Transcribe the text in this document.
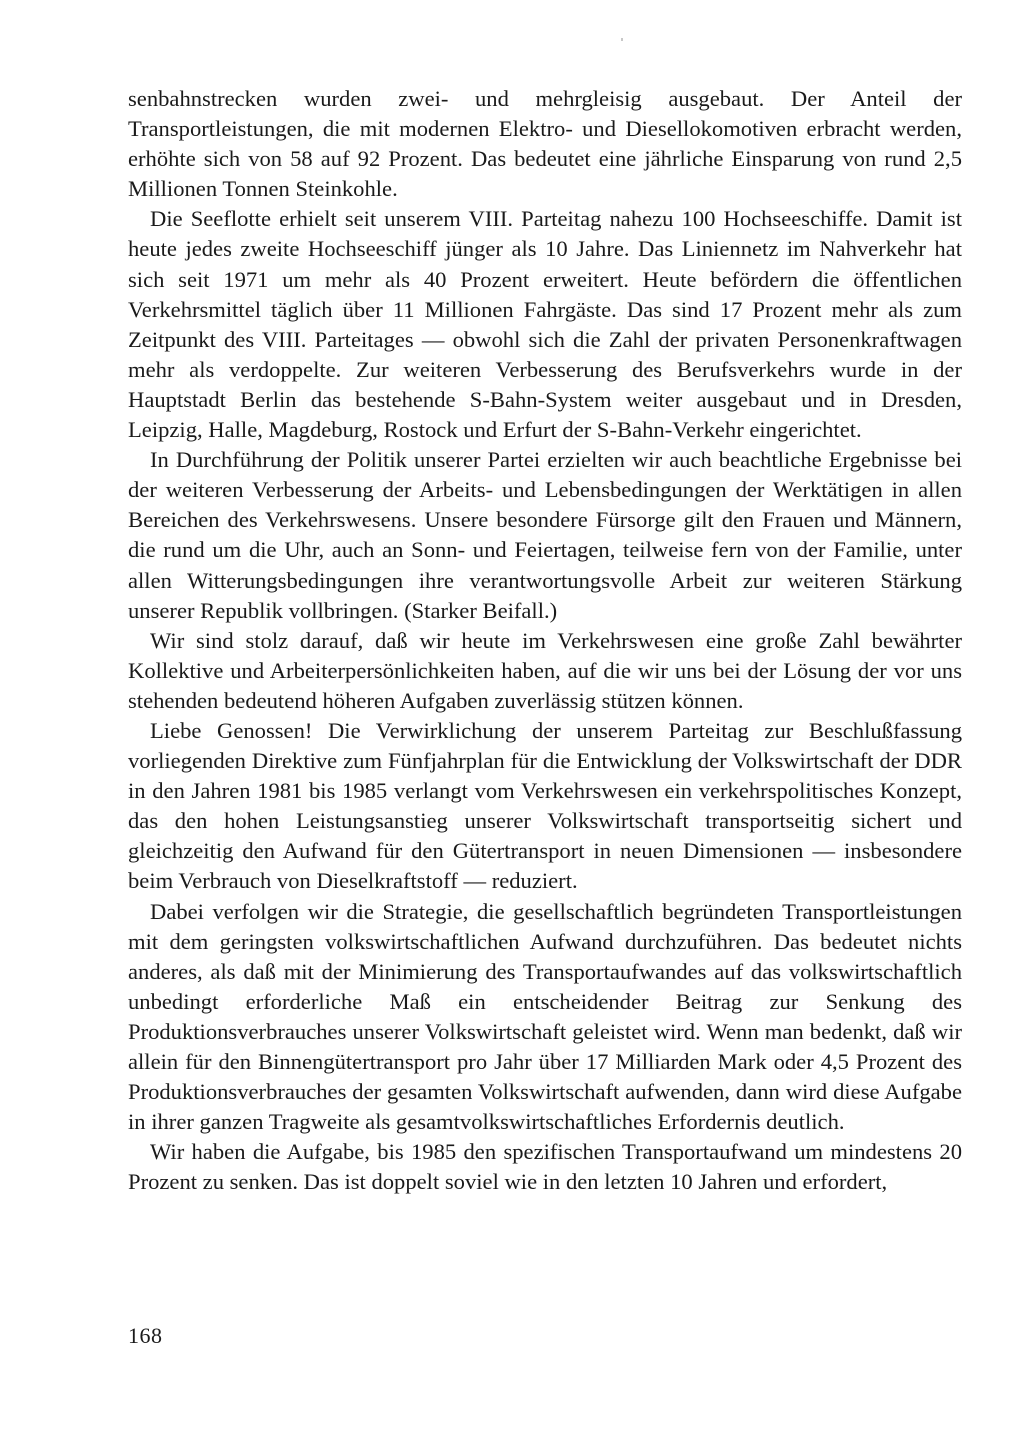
senbahnstrecken wurden zwei- und mehrgleisig ausgebaut. Der Anteil der Transportleistungen, die mit modernen Elektro- und Diesellokomotiven erbracht werden, erhöhte sich von 58 auf 92 Prozent. Das bedeutet eine jährliche Einsparung von rund 2,5 Millionen Tonnen Steinkohle.

Die Seeflotte erhielt seit unserem VIII. Parteitag nahezu 100 Hochseeschiffe. Damit ist heute jedes zweite Hochseeschiff jünger als 10 Jahre. Das Liniennetz im Nahverkehr hat sich seit 1971 um mehr als 40 Prozent erweitert. Heute befördern die öffentlichen Verkehrsmittel täglich über 11 Millionen Fahrgäste. Das sind 17 Prozent mehr als zum Zeitpunkt des VIII. Parteitages — obwohl sich die Zahl der privaten Personenkraftwagen mehr als verdoppelte. Zur weiteren Verbesserung des Berufsverkehrs wurde in der Hauptstadt Berlin das bestehende S-Bahn-System weiter ausgebaut und in Dresden, Leipzig, Halle, Magdeburg, Rostock und Erfurt der S-Bahn-Verkehr eingerichtet.

In Durchführung der Politik unserer Partei erzielten wir auch beachtliche Ergebnisse bei der weiteren Verbesserung der Arbeits- und Lebensbedingungen der Werktätigen in allen Bereichen des Verkehrswesens. Unsere besondere Fürsorge gilt den Frauen und Männern, die rund um die Uhr, auch an Sonn- und Feiertagen, teilweise fern von der Familie, unter allen Witterungsbedingungen ihre verantwortungsvolle Arbeit zur weiteren Stärkung unserer Republik vollbringen. (Starker Beifall.)

Wir sind stolz darauf, daß wir heute im Verkehrswesen eine große Zahl bewährter Kollektive und Arbeiterpersönlichkeiten haben, auf die wir uns bei der Lösung der vor uns stehenden bedeutend höheren Aufgaben zuverlässig stützen können.

Liebe Genossen! Die Verwirklichung der unserem Parteitag zur Beschlußfassung vorliegenden Direktive zum Fünfjahrplan für die Entwicklung der Volkswirtschaft der DDR in den Jahren 1981 bis 1985 verlangt vom Verkehrswesen ein verkehrspolitisches Konzept, das den hohen Leistungsanstieg unserer Volkswirtschaft transportseitig sichert und gleichzeitig den Aufwand für den Gütertransport in neuen Dimensionen — insbesondere beim Verbrauch von Dieselkraftstoff — reduziert.

Dabei verfolgen wir die Strategie, die gesellschaftlich begründeten Transportleistungen mit dem geringsten volkswirtschaftlichen Aufwand durchzuführen. Das bedeutet nichts anderes, als daß mit der Minimierung des Transportaufwandes auf das volkswirtschaftlich unbedingt erforderliche Maß ein entscheidender Beitrag zur Senkung des Produktionsverbrauches unserer Volkswirtschaft geleistet wird. Wenn man bedenkt, daß wir allein für den Binnengütertransport pro Jahr über 17 Milliarden Mark oder 4,5 Prozent des Produktionsverbrauches der gesamten Volkswirtschaft aufwenden, dann wird diese Aufgabe in ihrer ganzen Tragweite als gesamtvolkswirtschaftliches Erfordernis deutlich.

Wir haben die Aufgabe, bis 1985 den spezifischen Transportaufwand um mindestens 20 Prozent zu senken. Das ist doppelt soviel wie in den letzten 10 Jahren und erfordert,

168
